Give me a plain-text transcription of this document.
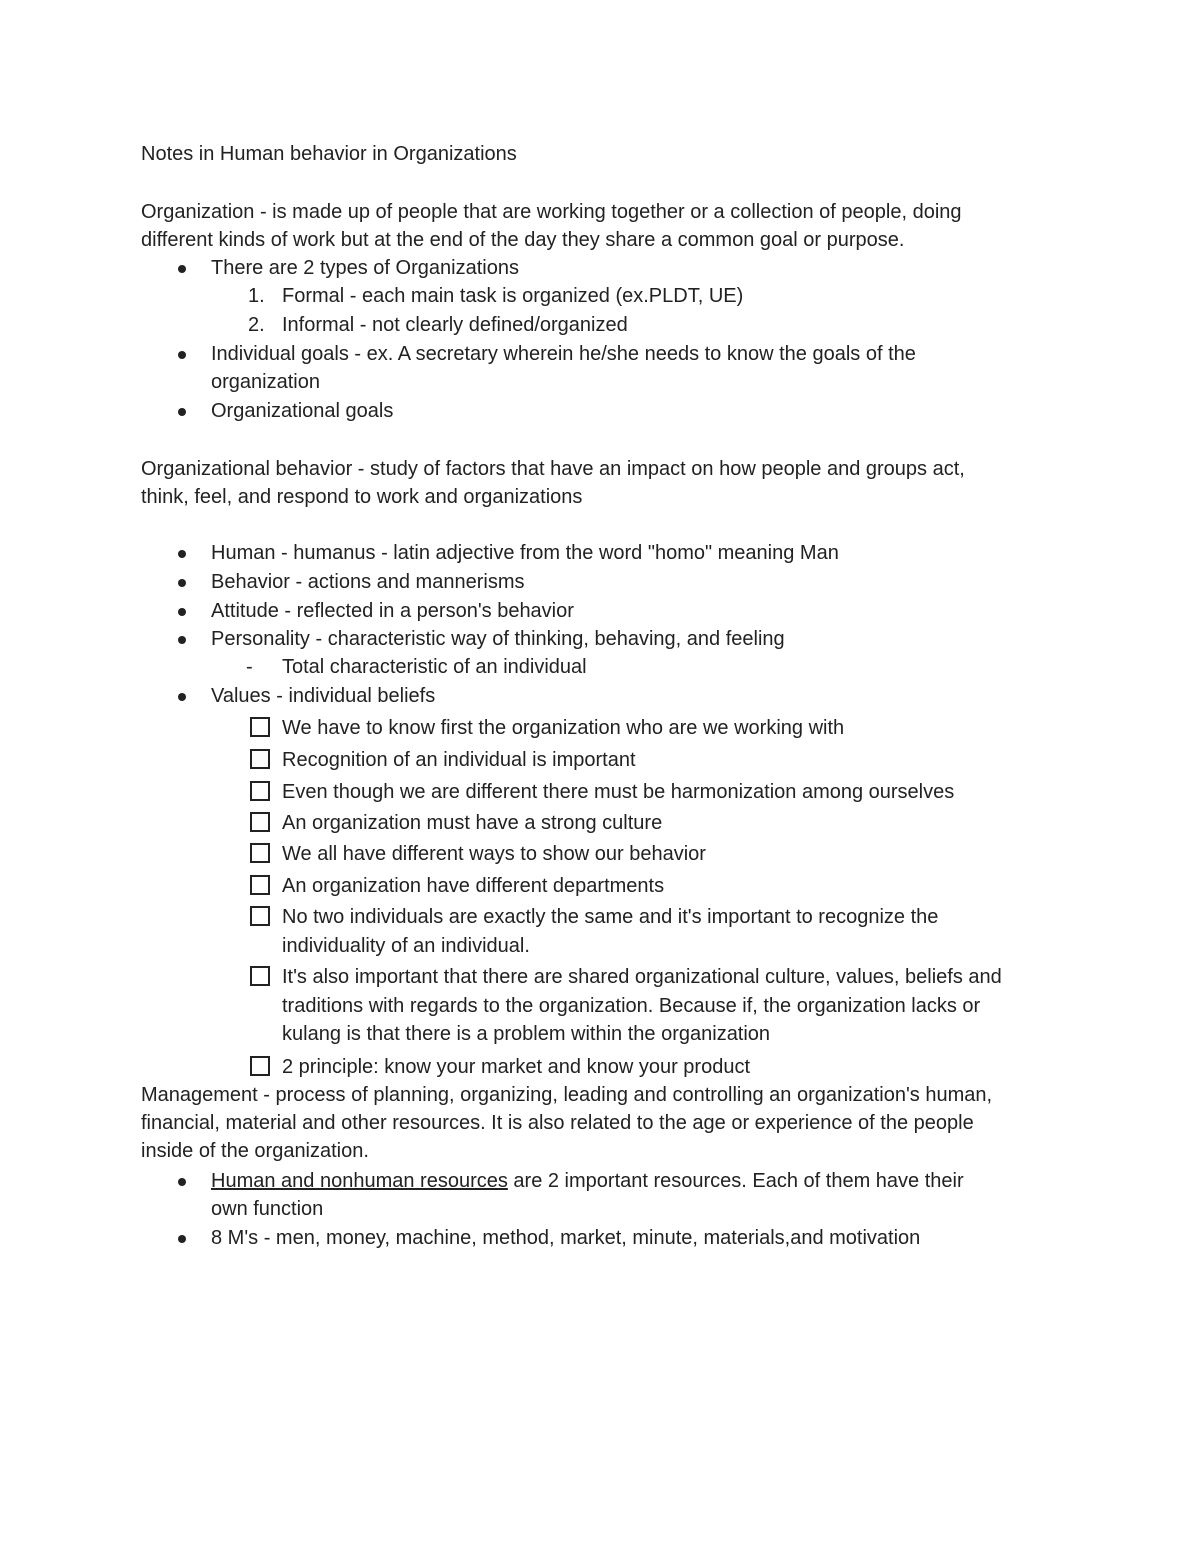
Notes in Human behavior in Organizations
Organization - is made up of people that are working together or a collection of people, doing
different kinds of work but at the end of the day they share a common goal or purpose.
There are 2 types of Organizations
1. Formal - each main task is organized (ex.PLDT, UE)
2. Informal - not clearly defined/organized
Individual goals - ex. A secretary wherein he/she needs to know the goals of the
organization
Organizational goals
Organizational behavior - study of factors that have an impact on how people and groups act,
think, feel, and respond to work and organizations
Human - humanus - latin adjective from the word "homo" meaning Man
Behavior - actions and mannerisms
Attitude - reflected in a person's behavior
Personality - characteristic way of thinking, behaving, and feeling
- Total characteristic of an individual
Values - individual beliefs
We have to know first the organization who are we working with
Recognition of an individual is important
Even though we are different there must be harmonization among ourselves
An organization must have a strong culture
We all have different ways to show our behavior
An organization have different departments
No two individuals are exactly the same and it's important to recognize the
individuality of an individual.
It's also important that there are shared organizational culture, values, beliefs and
traditions with regards to the organization. Because if, the organization lacks or
kulang is that there is a problem within the organization
2 principle: know your market and know your product
Management - process of planning, organizing, leading and controlling an organization's human,
financial, material and other resources. It is also related to the age or experience of the people
inside of the organization.
Human and nonhuman resources are 2 important resources. Each of them have their
own function
8 M's - men, money, machine, method, market, minute, materials,and motivation
